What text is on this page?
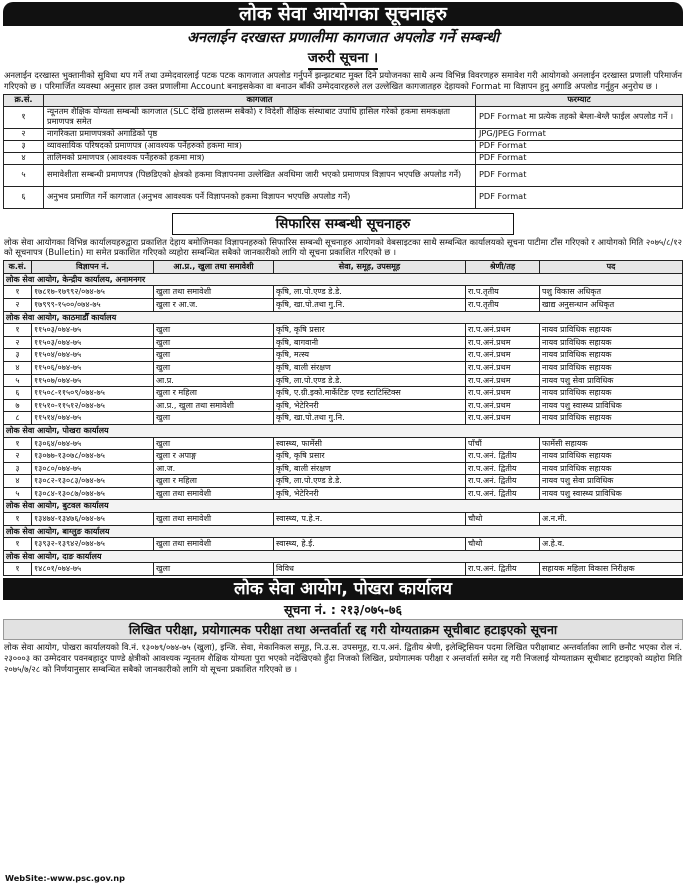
लोक सेवा आयोगका सूचनाहरु
अनलाईन दरखास्त प्रणालीमा कागजात अपलोड गर्ने सम्बन्धी
जरुरी सूचना ।
अनलाईन दरखास्त भुक्तानीको सुविधा थप गर्ने तथा उम्मेदवारलाई पटक पटक कागजात अपलोड गर्नुपर्ने झन्झटबाट मुक्त दिने प्रयोजनका साथै अन्य विभिन्न विवरणहरु समावेश गरी आयोगको अनलाईन दरखास्त प्रणाली परिमार्जन गरिएको छ । परिमार्जित व्यवस्था अनुसार हाल उक्त प्रणालीमा Account बनाइसकेका वा बनाउन बाँकी उम्मेदवारहरुले तल उल्लेखित कागजातहरु देहायको Format मा विज्ञापन हुनु अगाडि अपलोड गर्नुहुन अनुरोध छ ।
क्र.सं.	कागजात	फरम्याट
१	न्यूनतम शैक्षिक योग्यता सम्बन्धी कागजात (SLC देखि हालसम्म सबैको) र विदेशी शैक्षिक संस्थाबाट उपाधि हासिल गरेको हकमा समकक्षता प्रमाणपत्र समेत	PDF Format मा प्रत्येक तहको बेग्ला-बेग्लै फाईल अपलोड गर्ने ।
२	नागरिकता प्रमाणपत्रको अगाडिको पृष्ठ	JPG/JPEG Format
३	व्यावसायिक परिषदको प्रमाणपत्र (आवश्यक पर्नेहरुको हकमा मात्र)	PDF Format
४	तालिमको प्रमाणपत्र (आवश्यक पर्नेहरुको हकमा मात्र)	PDF Format
५	समावेशीता सम्बन्धी प्रमाणपत्र (पिछडिएको क्षेत्रको हकमा विज्ञापनमा उल्लेखित अवधिमा जारी भएको प्रमाणपत्र विज्ञापन भएपछि अपलोड गर्ने)	PDF Format
६	अनुभव प्रमाणित गर्ने कागजात (अनुभव आवश्यक पर्ने विज्ञापनको हकमा विज्ञापन भएपछि अपलोड गर्ने)	PDF Format
सिफारिस सम्बन्धी सूचनाहरु
लोक सेवा आयोगका विभिन्न कार्यालयहरुद्वारा प्रकाशित देहाय बमोजिमका विज्ञापनहरुको सिफारिस सम्बन्धी सूचनाहरु आयोगको वेबसाइटका साथै सम्बन्धित कार्यालयको सूचना पाटीमा टाँस गरिएको र आयोगको मिति २०७५/८/१२ को सूचनापत्र (Bulletin) मा समेत प्रकाशित गरिएको व्यहोरा सम्बन्धित सबैको जानकारीको लागि यो सूचना प्रकाशित गरिएको छ ।
क.सं.	विज्ञापन नं.	आ.प्र., खुला तथा समावेशी	सेवा, समूह, उपसमूह	श्रेणी/तह	पद
लोक सेवा आयोग, केन्द्रीय कार्यालय, अनामनगर					
१	१७८१७-१७९९२/०७४-७५	खुला तथा समावेशी	कृषि, ला.पो.एण्ड डे.डे.	रा.प.तृतीय	पशु विकास अधिकृत
२	१७९९९-१५००/०७४-७५	खुला र आ.ज.	कृषि, खा.पो.तथा गु.नि.	रा.प.तृतीय	खाद्य अनुसन्धान अधिकृत
लोक सेवा आयोग, काठमाडौँ कार्यालय					
१	११५०३/०७४-७५	खुला	कृषि, कृषि प्रसार	रा.प.अनं.प्रथम	नायव प्राविधिक सहायक
२	११५०३/०७४-७५	खुला	कृषि, बागवानी	रा.प.अनं.प्रथम	नायव प्राविधिक सहायक
३	११५०४/०७४-७५	खुला	कृषि, मत्स्य	रा.प.अनं.प्रथम	नायव प्राविधिक सहायक
४	११५०६/०७४-७५	खुला	कृषि, बाली संरक्षण	रा.प.अनं.प्रथम	नायव प्राविधिक सहायक
५	११५०७/०७४-७५	आ.प्र.	कृषि, ला.पो.एण्ड डे.डे.	रा.प.अनं.प्रथम	नायव पशु सेवा प्राविधिक
६	११५०८-११५०९/०७४-७५	खुला र महिला	कृषि, ए.ग्री.इको.मार्केटिङ एण्ड स्टाटिस्टिक्स	रा.प.अनं.प्रथम	नायव प्राविधिक सहायक
७	११५१०-११५१२/०७४-७५	आ.प्र., खुला तथा समावेशी	कृषि, भेटेरिनरी	रा.प.अनं.प्रथम	नायव पशु स्वास्थ्य प्राविधिक
८	११५१४/०७४-७५	खुला	कृषि, खा.पो.तथा गु.नि.	रा.प.अनं.प्रथम	नायव प्राविधिक सहायक
लोक सेवा आयोग, पोखरा कार्यालय					
१	१३०६४/०७४-७५	खुला	स्वास्थ्य, फार्मेसी	पाँचौं	फार्मेसी सहायक
२	१३०७७-१३०७८/०७४-७५	खुला र अपाङ्ग	कृषि, कृषि प्रसार	रा.प.अनं. द्वितीय	नायव प्राविधिक सहायक
३	१३०८०/०७४-७५	आ.ज.	कृषि, बाली संरक्षण	रा.प.अनं. द्वितीय	नायव प्राविधिक सहायक
४	१३०८२-१३०८३/०७४-७५	खुला र महिला	कृषि, ला.पो.एण्ड डे.डे.	रा.प.अनं. द्वितीय	नायव पशु सेवा प्राविधिक
५	१३०८४-१३०८७/०७४-७५	खुला तथा समावेशी	कृषि, भेटेरिनरी	रा.प.अनं. द्वितीय	नायव पशु स्वास्थ्य प्राविधिक
लोक सेवा आयोग, बुटवल कार्यालय					
१	१३४७४-१३४७६/०७४-७५	खुला तथा समावेशी	स्वास्थ्य, प.हे.न.	चौथो	अ.न.मी.
लोक सेवा आयोग, बाग्लुङ कार्यालय					
१	१३९३२-१३९४२/०७४-७५	खुला तथा समावेशी	स्वास्थ्य, हे.ई.	चौथो	अ.हे.व.
लोक सेवा आयोग, दाङ कार्यालय					
१	१४८०१/०७४-७५	खुला	विविध	रा.प.अनं. द्वितीय	सहायक महिला विकास निरीक्षक
लोक सेवा आयोग, पोखरा कार्यालय
सूचना नं. : २१३/०७५-७६
लिखित परीक्षा, प्रयोगात्मक परीक्षा तथा अन्तर्वार्ता रद्द गरी योग्यताक्रम सूचीबाट हटाइएको सूचना
लोक सेवा आयोग, पोखरा कार्यालयको वि.नं. १३०७९/०७४-७५ (खुला), इन्जि. सेवा, मेकानिकल समूह, नि.उ.स. उपसमूह, रा.प.अनं. द्वितीय श्रेणी, इलेक्ट्रिसियन पदमा लिखित परीक्षाबाट अन्तर्वार्ताका लागि छनौट भएका रोल नं. २३०००३ का उम्मेदवार पवनबहादुर पाण्डे क्षेत्रीको आवश्यक न्यूनतम शैक्षिक योग्यता पुरा भएको नदेखिएको हुँदा निजको लिखित, प्रयोगात्मक परीक्षा र अन्तर्वार्ता समेत रद्द गरी निजलाई योग्यताक्रम सूचीबाट हटाइएको व्यहोरा मिति २०७५/७/२८ को निर्णयानुसार सम्बन्धित सबैको जानकारीको लागि यो सूचना प्रकाशित गरिएको छ ।
WebSite:-www.psc.gov.np
